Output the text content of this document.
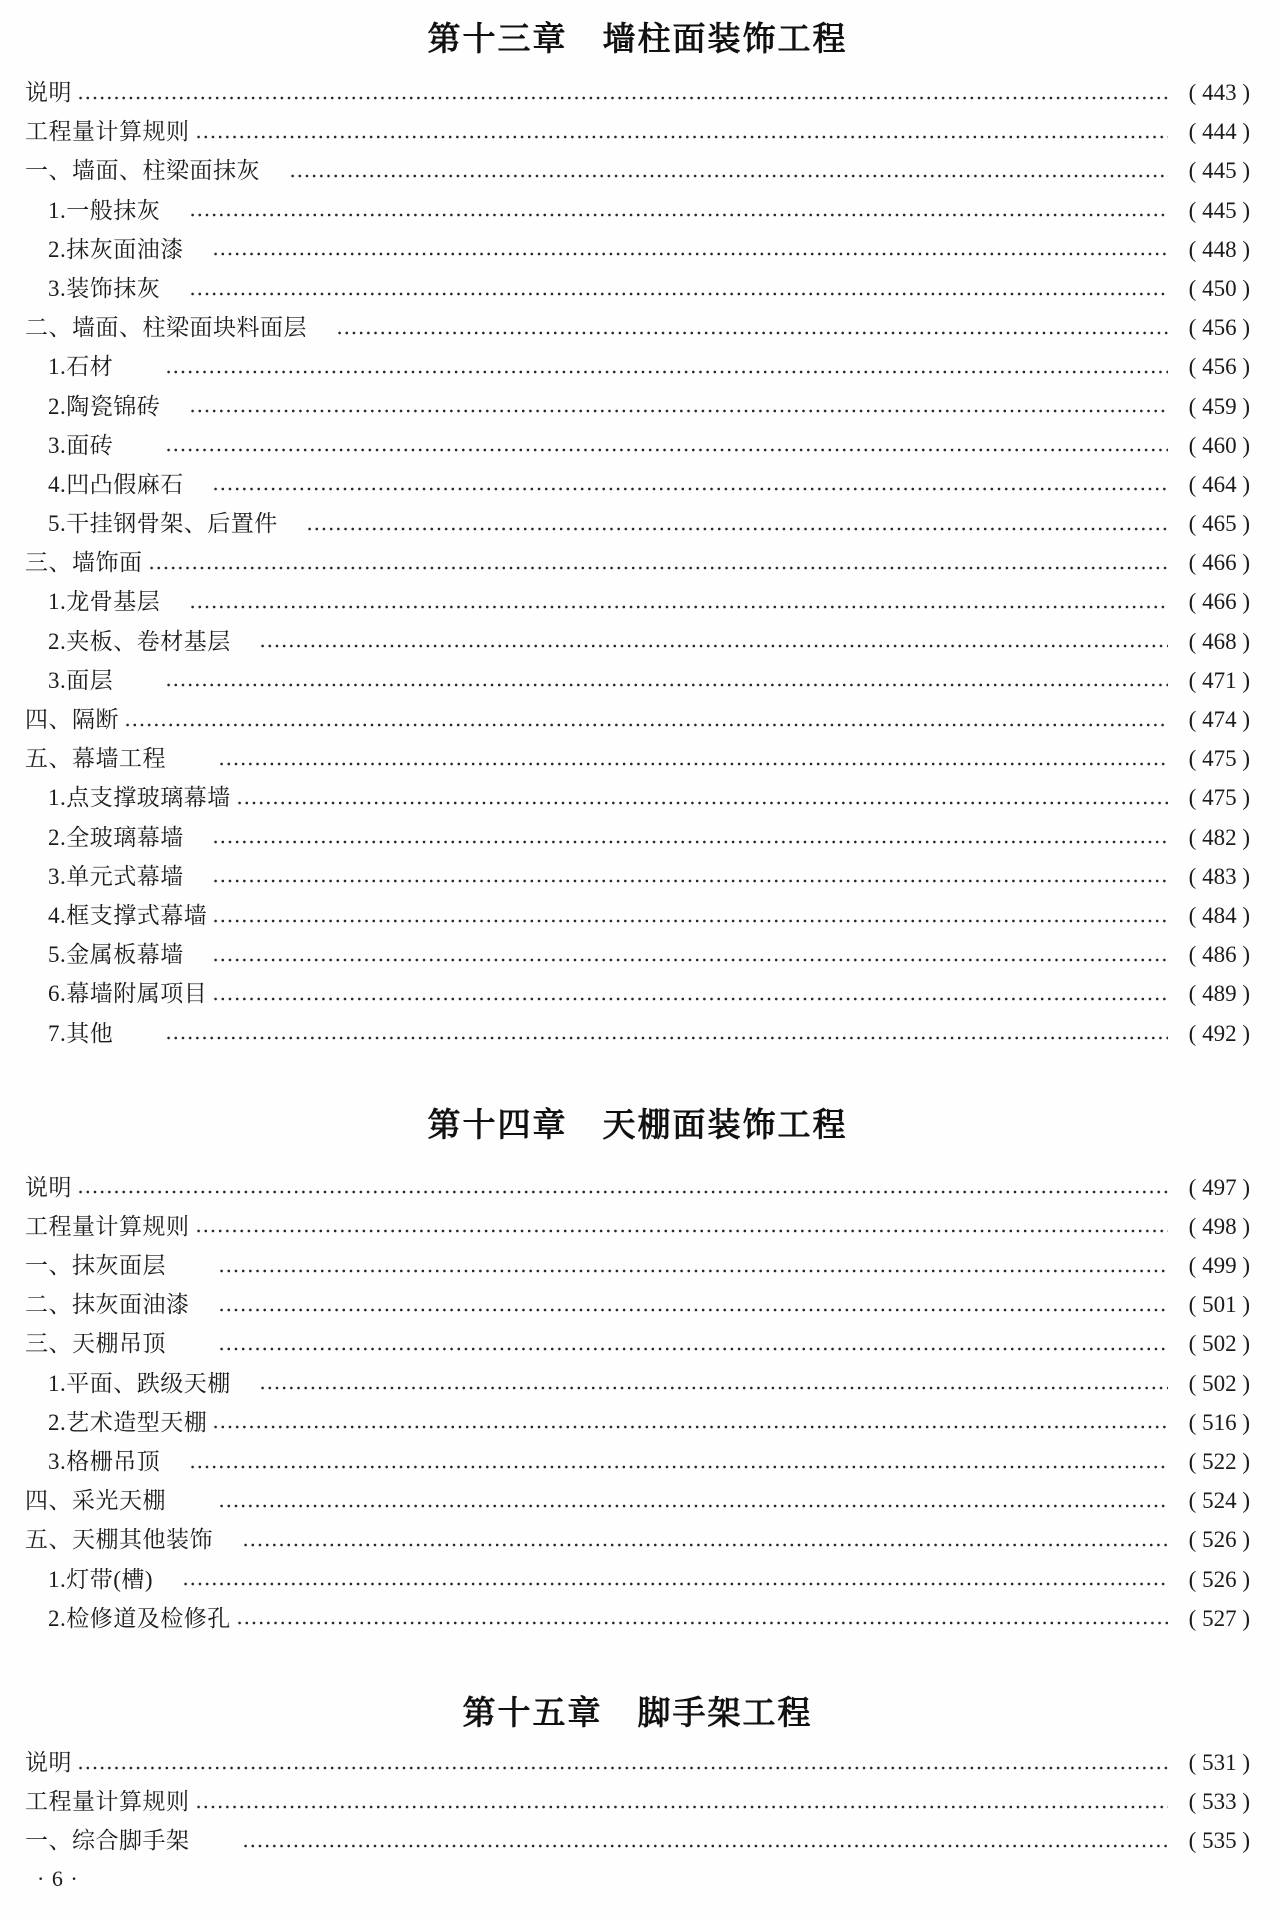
第十三章　墙柱面装饰工程
说明	( 443 )
工程量计算规则	( 444 )
一、墙面、柱梁面抹灰　	( 445 )
1.一般抹灰　	( 445 )
2.抹灰面油漆　	( 448 )
3.装饰抹灰　	( 450 )
二、墙面、柱梁面块料面层　	( 456 )
1.石材　　	( 456 )
2.陶瓷锦砖　	( 459 )
3.面砖　　	( 460 )
4.凹凸假麻石　	( 464 )
5.干挂钢骨架、后置件　	( 465 )
三、墙饰面	( 466 )
1.龙骨基层　	( 466 )
2.夹板、卷材基层　	( 468 )
3.面层　　	( 471 )
四、隔断	( 474 )
五、幕墙工程　　	( 475 )
1.点支撑玻璃幕墙	( 475 )
2.全玻璃幕墙　	( 482 )
3.单元式幕墙　	( 483 )
4.框支撑式幕墙	( 484 )
5.金属板幕墙　	( 486 )
6.幕墙附属项目	( 489 )
7.其他　　	( 492 )
第十四章　天棚面装饰工程
说明	( 497 )
工程量计算规则	( 498 )
一、抹灰面层　　	( 499 )
二、抹灰面油漆　	( 501 )
三、天棚吊顶　　	( 502 )
1.平面、跌级天棚　	( 502 )
2.艺术造型天棚	( 516 )
3.格栅吊顶　	( 522 )
四、采光天棚　　	( 524 )
五、天棚其他装饰　	( 526 )
1.灯带(槽)　	( 526 )
2.检修道及检修孔	( 527 )
第十五章　脚手架工程
说明	( 531 )
工程量计算规则	( 533 )
一、综合脚手架　　	( 535 )
· 6 ·
